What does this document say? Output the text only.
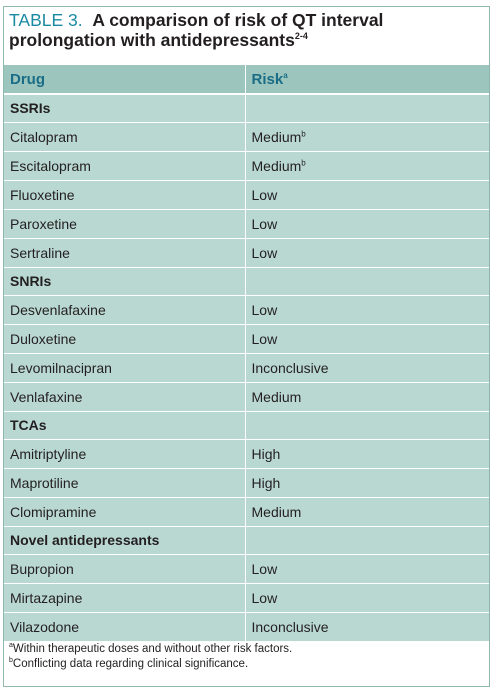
TABLE 3. A comparison of risk of QT interval prolongation with antidepressants$^{2-4}$
Drug	Risk$^a$
SSRIs	
Citalopram	Medium$^b$
Escitalopram	Medium$^b$
Fluoxetine	Low
Paroxetine	Low
Sertraline	Low
SNRIs	
Desvenlafaxine	Low
Duloxetine	Low
Levomilnacipran	Inconclusive
Venlafaxine	Medium
TCAs	
Amitriptyline	High
Maprotiline	High
Clomipramine	Medium
Novel antidepressants	
Bupropion	Low
Mirtazapine	Low
Vilazodone	Inconclusive
$^a$Within therapeutic doses and without other risk factors.
$^b$Conflicting data regarding clinical significance.
